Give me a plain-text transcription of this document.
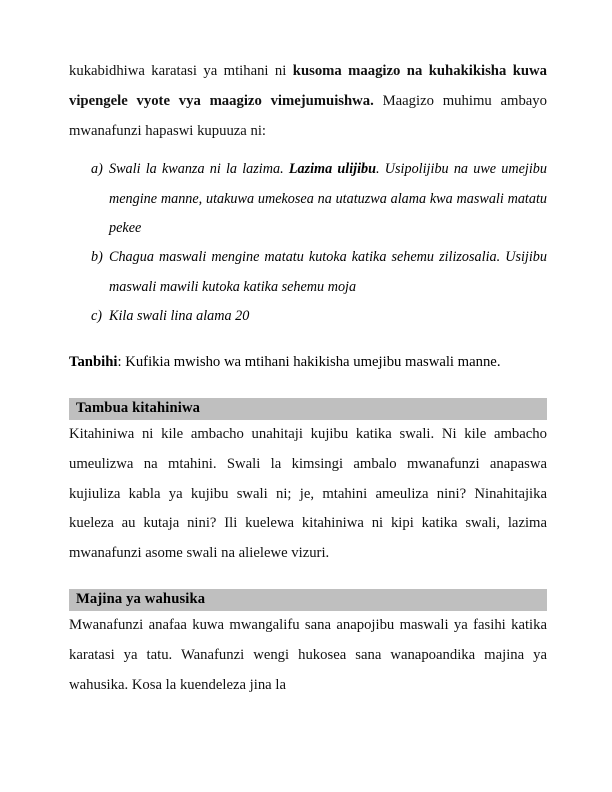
kukabidhiwa karatasi ya mtihani ni kusoma maagizo na kuhakikisha kuwa vipengele vyote vya maagizo vimejumuishwa. Maagizo muhimu ambayo mwanafunzi hapaswi kupuuza ni:

a) Swali la kwanza ni la lazima. Lazima ulijibu. Usipolijibu na uwe umejibu mengine manne, utakuwa umekosea na utatuzwa alama kwa maswali matatu pekee
b) Chagua maswali mengine matatu kutoka katika sehemu zilizosalia. Usijibu maswali mawili kutoka katika sehemu moja
c) Kila swali lina alama 20

Tanbihi: Kufikia mwisho wa mtihani hakikisha umejibu maswali manne.

Tambua kitahiniwa

Kitahiniwa ni kile ambacho unahitaji kujibu katika swali. Ni kile ambacho umeulizwa na mtahini. Swali la kimsingi ambalo mwanafunzi anapaswa kujiuliza kabla ya kujibu swali ni; je, mtahini ameuliza nini? Ninahitajika kueleza au kutaja nini? Ili kuelewa kitahiniwa ni kipi katika swali, lazima mwanafunzi asome swali na alielewe vizuri.

Majina ya wahusika

Mwanafunzi anafaa kuwa mwangalifu sana anapojibu maswali ya fasihi katika karatasi ya tatu. Wanafunzi wengi hukosea sana wanapoandika majina ya wahusika. Kosa la kuendeleza jina la
